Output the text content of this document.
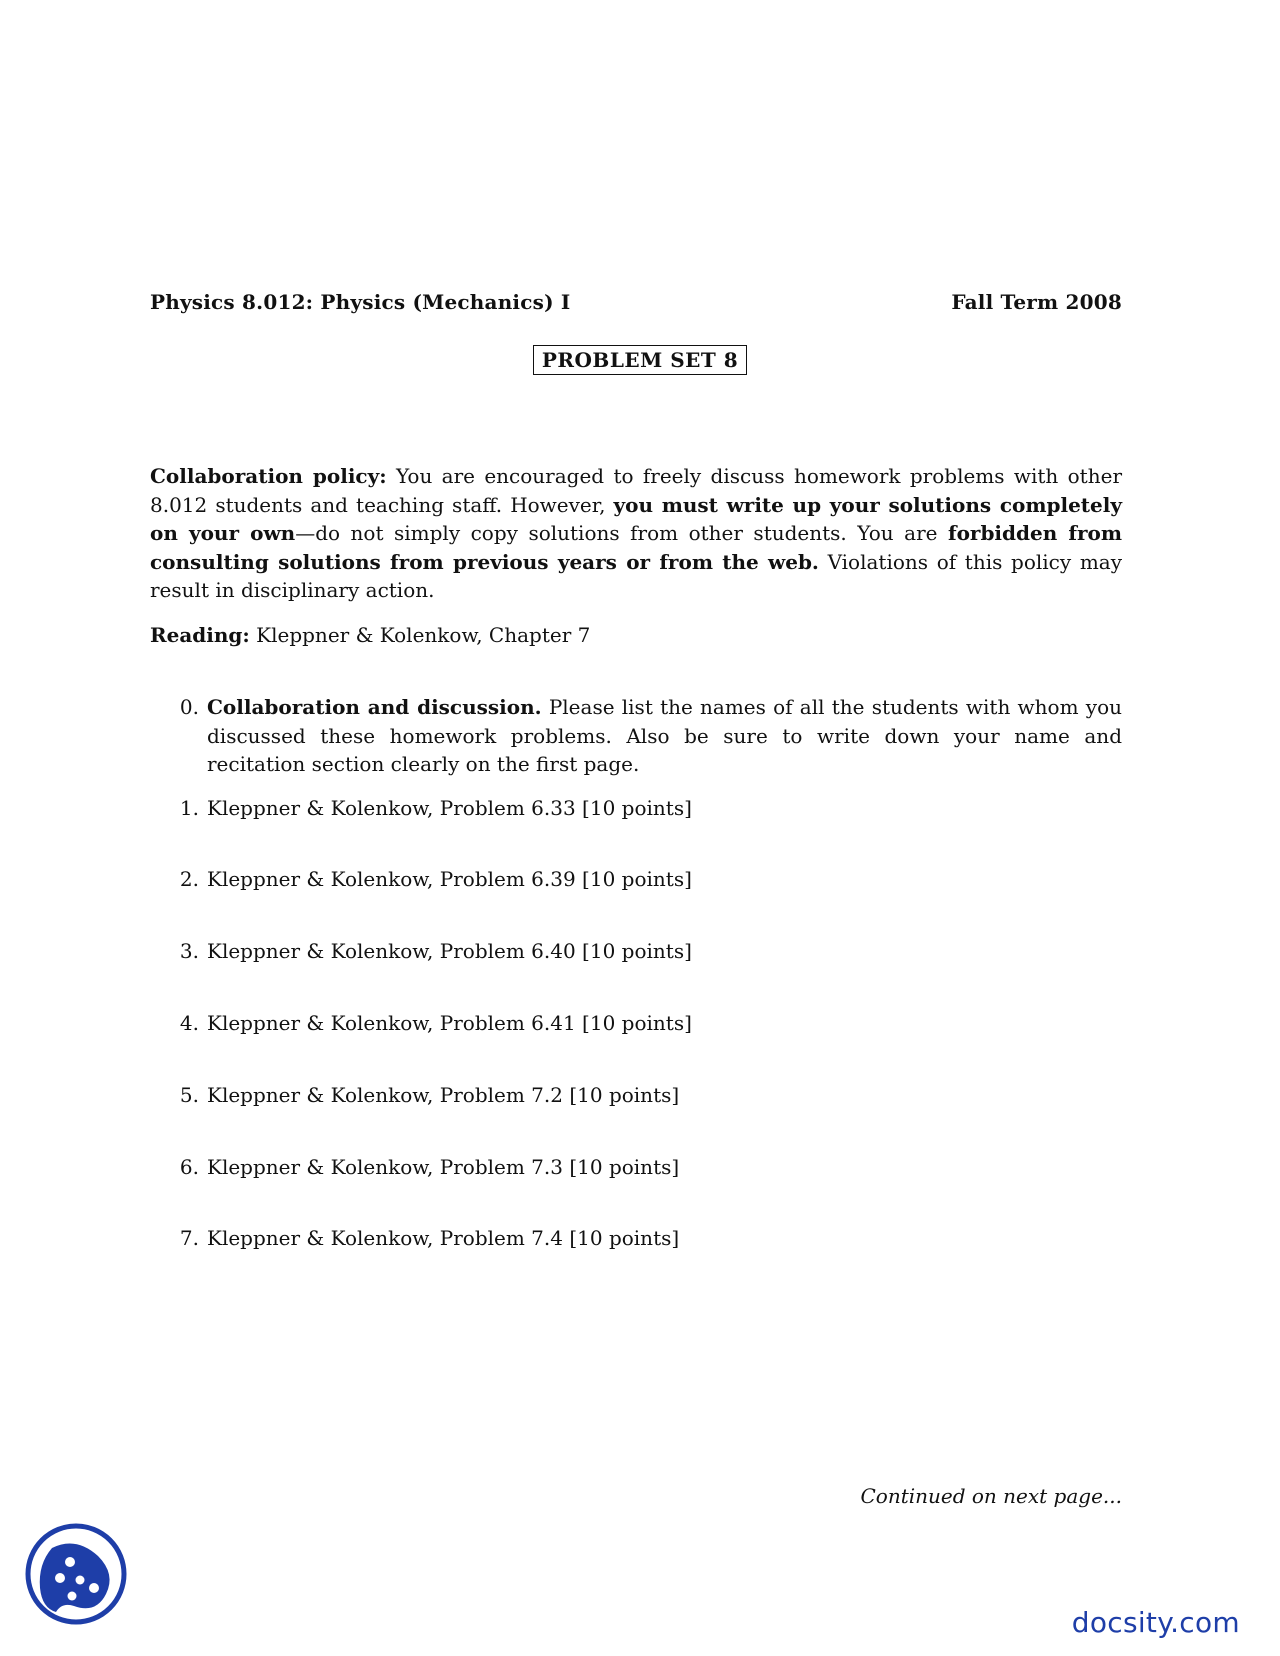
Physics 8.012: Physics (Mechanics) I	Fall Term 2008
PROBLEM SET 8
Collaboration policy: You are encouraged to freely discuss homework problems with other 8.012 students and teaching staff. However, you must write up your solutions completely on your own—do not simply copy solutions from other students. You are forbidden from consulting solutions from previous years or from the web. Violations of this policy may result in disciplinary action.
Reading: Kleppner & Kolenkow, Chapter 7
0. Collaboration and discussion. Please list the names of all the students with whom you discussed these homework problems. Also be sure to write down your name and recitation section clearly on the first page.
1. Kleppner & Kolenkow, Problem 6.33 [10 points]
2. Kleppner & Kolenkow, Problem 6.39 [10 points]
3. Kleppner & Kolenkow, Problem 6.40 [10 points]
4. Kleppner & Kolenkow, Problem 6.41 [10 points]
5. Kleppner & Kolenkow, Problem 7.2 [10 points]
6. Kleppner & Kolenkow, Problem 7.3 [10 points]
7. Kleppner & Kolenkow, Problem 7.4 [10 points]
Continued on next page...
docsity.com
